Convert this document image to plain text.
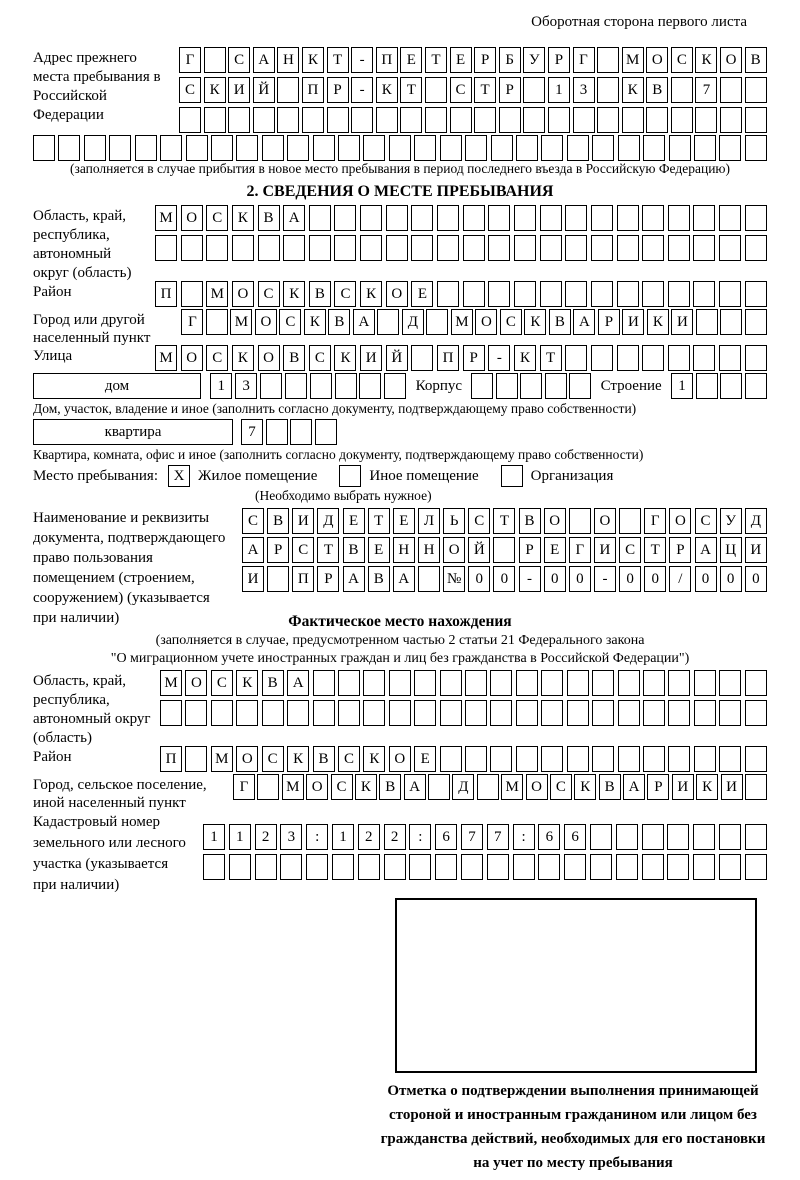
Оборотная сторона первого листа
Адрес прежнего места пребывания в Российской Федерации
Г	С А Н К	Т	-	П Е	Т	Е	Р	Б У	Р	Г	М О С К О В
С К И Й	П	Р	-	К	Т	С	Т	Р	1	3	К В	7
(заполняется в случае прибытия в новое место пребывания в период последнего въезда в Российскую Федерацию)
2. СВЕДЕНИЯ О МЕСТЕ ПРЕБЫВАНИЯ
Область, край, республика, автономный округ (область)
М О	С	К	В	А
Район	П	М О	С	К	В	С	К	О	Е
Город или другой населенный пункт
Г	М О С К В А	Д	М О С К В А Р И К И
Улица	М О	С	К	О	В	С	К	И Й	П	Р	-	К	Т
дом	1	3	Корпус	Строение	1
Дом, участок, владение и иное (заполнить согласно документу, подтверждающему право собственности)
квартира	7
Квартира, комната, офис и иное (заполнить согласно документу, подтверждающему право собственности)
Место пребывания:	X Жилое помещение	Иное помещение	Организация
(Необходимо выбрать нужное)
Наименование и реквизиты документа, подтверждающего право пользования помещением (строением, сооружением) (указывается при наличии)
С	В И Д	Е	Т	Е	Л	Ь	С	Т	В О	О	Г	О С У Д
А	Р	С	Т	В	Е	Н Н О Й	Р	Е	Г	И С	Т	Р	А Ц И
И	П	Р	А В А	№ 0	0	-	0	0	-	0	0	/	0	0	0
Фактическое место нахождения
(заполняется в случае, предусмотренном частью 2 статьи 21 Федерального закона
"О миграционном учете иностранных граждан и лиц без гражданства в Российской Федерации")
Область, край, республика, автономный округ (область)
М О С	К	В	А
Район	П	М О С	К	В	С	К	О	Е
Город, сельское поселение, иной населенный пункт
Г	М О С К В А	Д	М О С К В А Р И К И
Кадастровый номер земельного или лесного участка (указывается при наличии)
1	1	2	3	:	1	2	2	:	6	7	7	:	6	6
Отметка о подтверждении выполнения принимающей стороной и иностранным гражданином или лицом без гражданства действий, необходимых для его постановки на учет по месту пребывания
